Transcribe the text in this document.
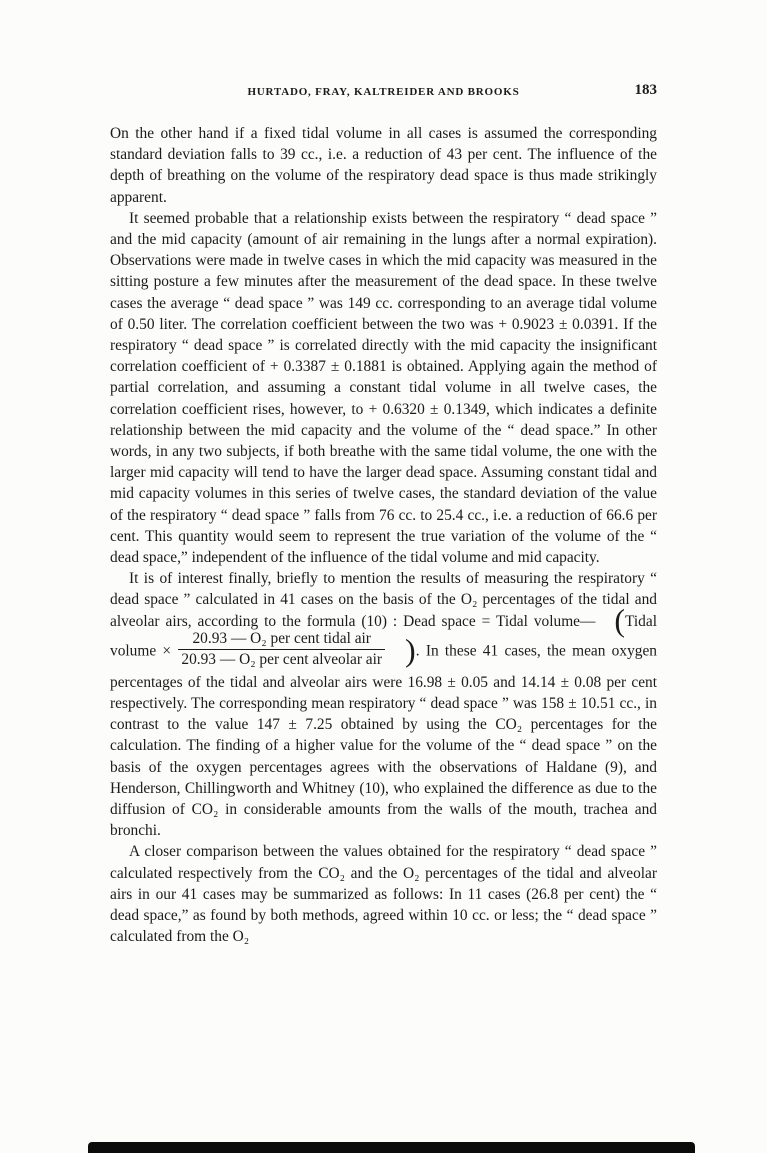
HURTADO, FRAY, KALTREIDER AND BROOKS	183

On the other hand if a fixed tidal volume in all cases is assumed the corresponding standard deviation falls to 39 cc., i.e. a reduction of 43 per cent. The influence of the depth of breathing on the volume of the respiratory dead space is thus made strikingly apparent.

It seemed probable that a relationship exists between the respiratory “ dead space ” and the mid capacity (amount of air remaining in the lungs after a normal expiration). Observations were made in twelve cases in which the mid capacity was measured in the sitting posture a few minutes after the measurement of the dead space. In these twelve cases the average “ dead space ” was 149 cc. corresponding to an average tidal volume of 0.50 liter. The correlation coefficient between the two was + 0.9023 ± 0.0391. If the respiratory “ dead space ” is correlated directly with the mid capacity the insignificant correlation coefficient of + 0.3387 ± 0.1881 is obtained. Applying again the method of partial correlation, and assuming a constant tidal volume in all twelve cases, the correlation coefficient rises, however, to + 0.6320 ± 0.1349, which indicates a definite relationship between the mid capacity and the volume of the “ dead space.” In other words, in any two subjects, if both breathe with the same tidal volume, the one with the larger mid capacity will tend to have the larger dead space. Assuming constant tidal and mid capacity volumes in this series of twelve cases, the standard deviation of the value of the respiratory “ dead space ” falls from 76 cc. to 25.4 cc., i.e. a reduction of 66.6 per cent. This quantity would seem to represent the true variation of the volume of the “ dead space,” independent of the influence of the tidal volume and mid capacity.

It is of interest finally, briefly to mention the results of measuring the respiratory “ dead space ” calculated in 41 cases on the basis of the O₂ percentages of the tidal and alveolar airs, according to the formula (10) : Dead space = Tidal volume— (Tidal volume × $\frac{\text{20.93 — O₂ per cent tidal air}}{\text{20.93 — O₂ per cent alveolar air}}$ ). In these 41 cases, the mean oxygen percentages of the tidal and alveolar airs were 16.98 ± 0.05 and 14.14 ± 0.08 per cent respectively. The corresponding mean respiratory “ dead space ” was 158 ± 10.51 cc., in contrast to the value 147 ± 7.25 obtained by using the CO₂ percentages for the calculation. The finding of a higher value for the volume of the “ dead space ” on the basis of the oxygen percentages agrees with the observations of Haldane (9), and Henderson, Chillingworth and Whitney (10), who explained the difference as due to the diffusion of CO₂ in considerable amounts from the walls of the mouth, trachea and bronchi.

A closer comparison between the values obtained for the respiratory “ dead space ” calculated respectively from the CO₂ and the O₂ percentages of the tidal and alveolar airs in our 41 cases may be summarized as follows: In 11 cases (26.8 per cent) the “ dead space,” as found by both methods, agreed within 10 cc. or less; the “ dead space ” calculated from the O₂
